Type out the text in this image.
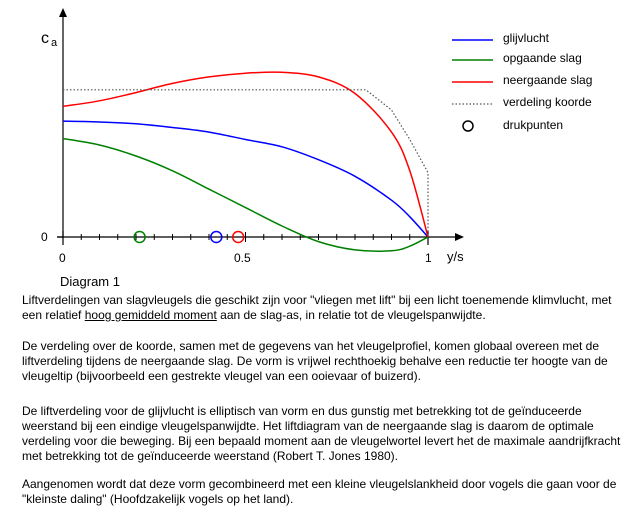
c a
y/s
0
0	0.5	1
glijvlucht
opgaande slag
neergaande slag
verdeling koorde
drukpunten

Diagram 1

Liftverdelingen van slagvleugels die geschikt zijn voor "vliegen met lift" bij een licht toenemende klimvlucht, met een relatief hoog gemiddeld moment aan de slag-as, in relatie tot de vleugelspanwijdte.

De verdeling over de koorde, samen met de gegevens van het vleugelprofiel, komen globaal overeen met de liftverdeling tijdens de neergaande slag. De vorm is vrijwel rechthoekig behalve een reductie ter hoogte van de vleugeltip (bijvoorbeeld een gestrekte vleugel van een ooievaar of buizerd).

De liftverdeling voor de glijvlucht is elliptisch van vorm en dus gunstig met betrekking tot de geïnduceerde weerstand bij een eindige vleugelspanwijdte. Het liftdiagram van de neergaande slag is daarom de optimale verdeling voor die beweging. Bij een bepaald moment aan de vleugelwortel levert het de maximale aandrijfkracht met betrekking tot de geïnduceerde weerstand (Robert T. Jones 1980).

Aangenomen wordt dat deze vorm gecombineerd met een kleine vleugelslankheid door vogels die gaan voor de "kleinste daling" (Hoofdzakelijk vogels op het land).
